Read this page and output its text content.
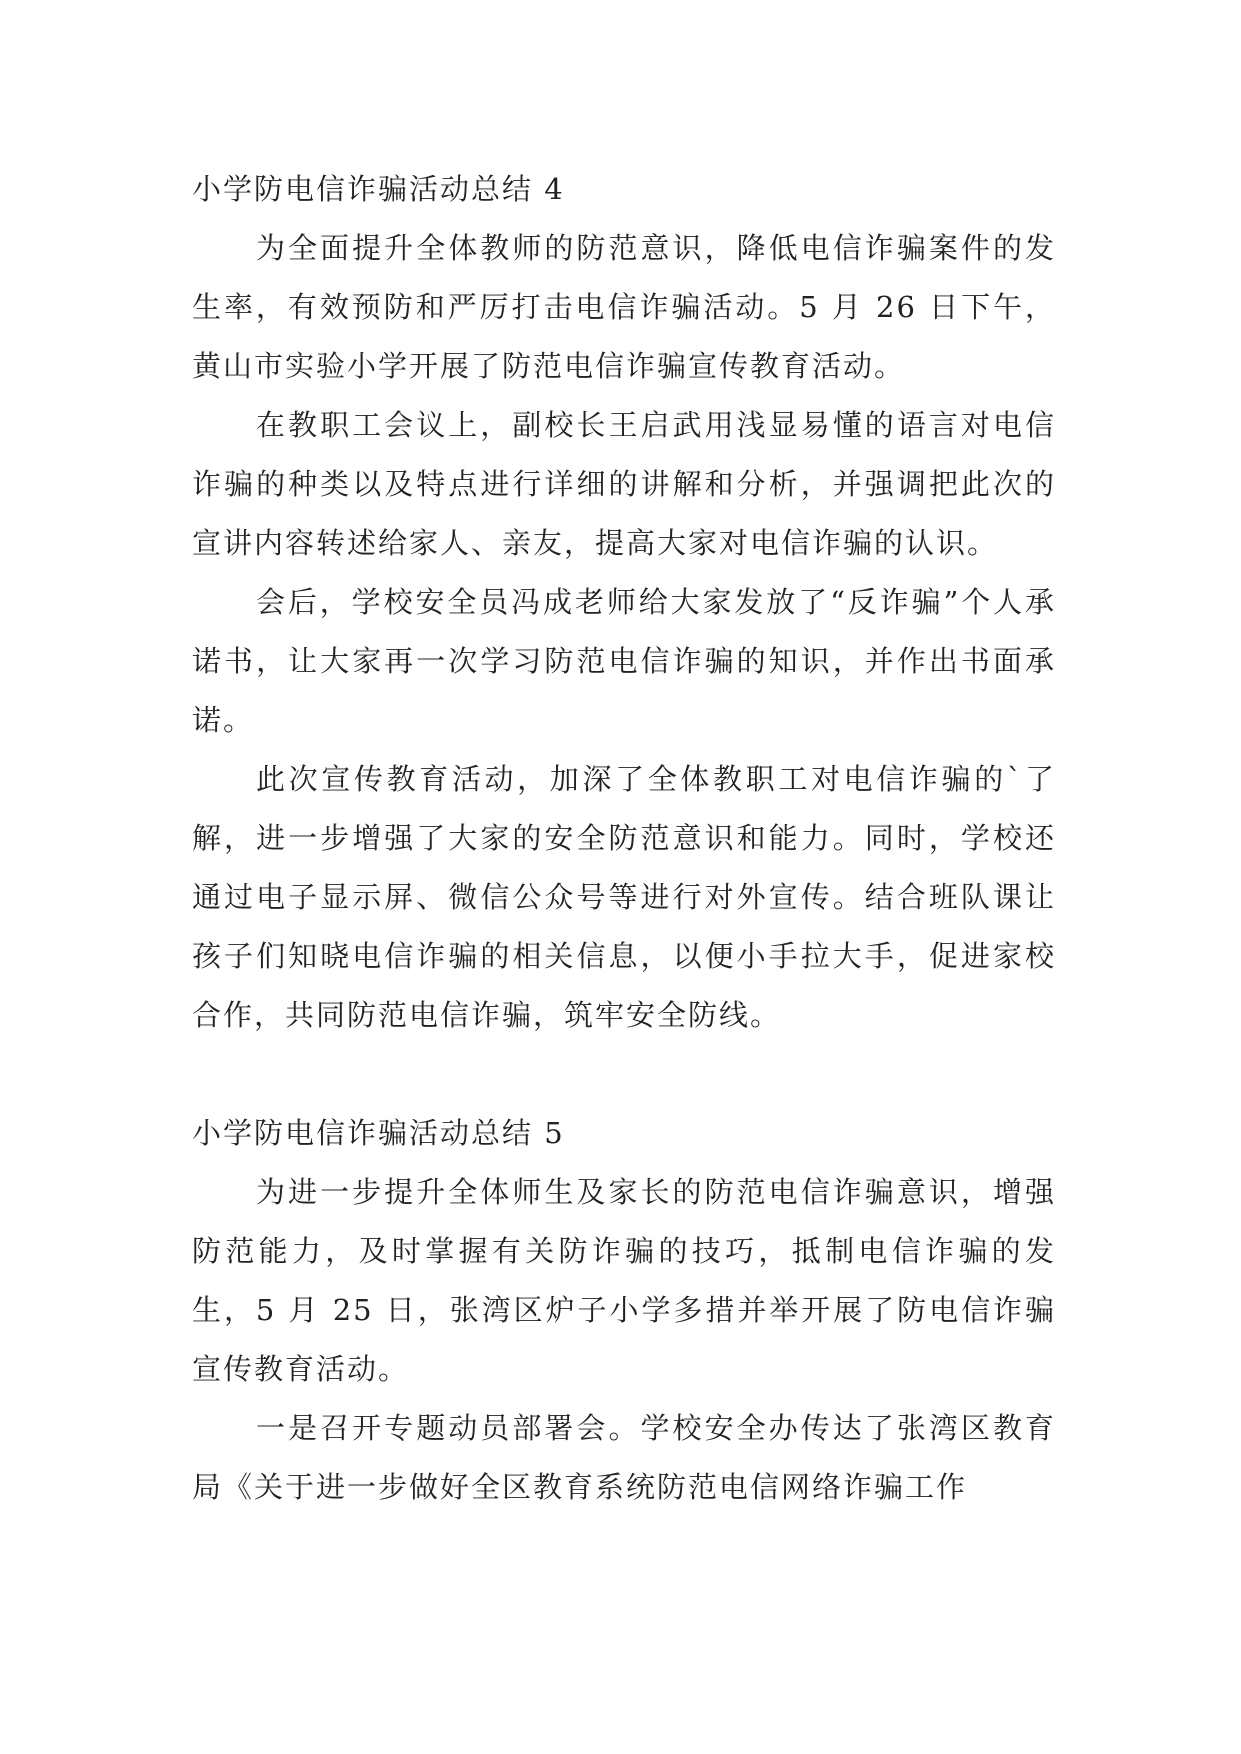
小学防电信诈骗活动总结 4

为全面提升全体教师的防范意识，降低电信诈骗案件的发生率，有效预防和严厉打击电信诈骗活动。5 月 26 日下午，黄山市实验小学开展了防范电信诈骗宣传教育活动。

在教职工会议上，副校长王启武用浅显易懂的语言对电信诈骗的种类以及特点进行详细的讲解和分析，并强调把此次的宣讲内容转述给家人、亲友，提高大家对电信诈骗的认识。

会后，学校安全员冯成老师给大家发放了“反诈骗”个人承诺书，让大家再一次学习防范电信诈骗的知识，并作出书面承诺。

此次宣传教育活动，加深了全体教职工对电信诈骗的`了解，进一步增强了大家的安全防范意识和能力。同时，学校还通过电子显示屏、微信公众号等进行对外宣传。结合班队课让孩子们知晓电信诈骗的相关信息，以便小手拉大手，促进家校合作，共同防范电信诈骗，筑牢安全防线。

小学防电信诈骗活动总结 5

为进一步提升全体师生及家长的防范电信诈骗意识，增强防范能力，及时掌握有关防诈骗的技巧，抵制电信诈骗的发生，5 月 25 日，张湾区炉子小学多措并举开展了防电信诈骗宣传教育活动。

一是召开专题动员部署会。学校安全办传达了张湾区教育局《关于进一步做好全区教育系统防范电信网络诈骗工作
